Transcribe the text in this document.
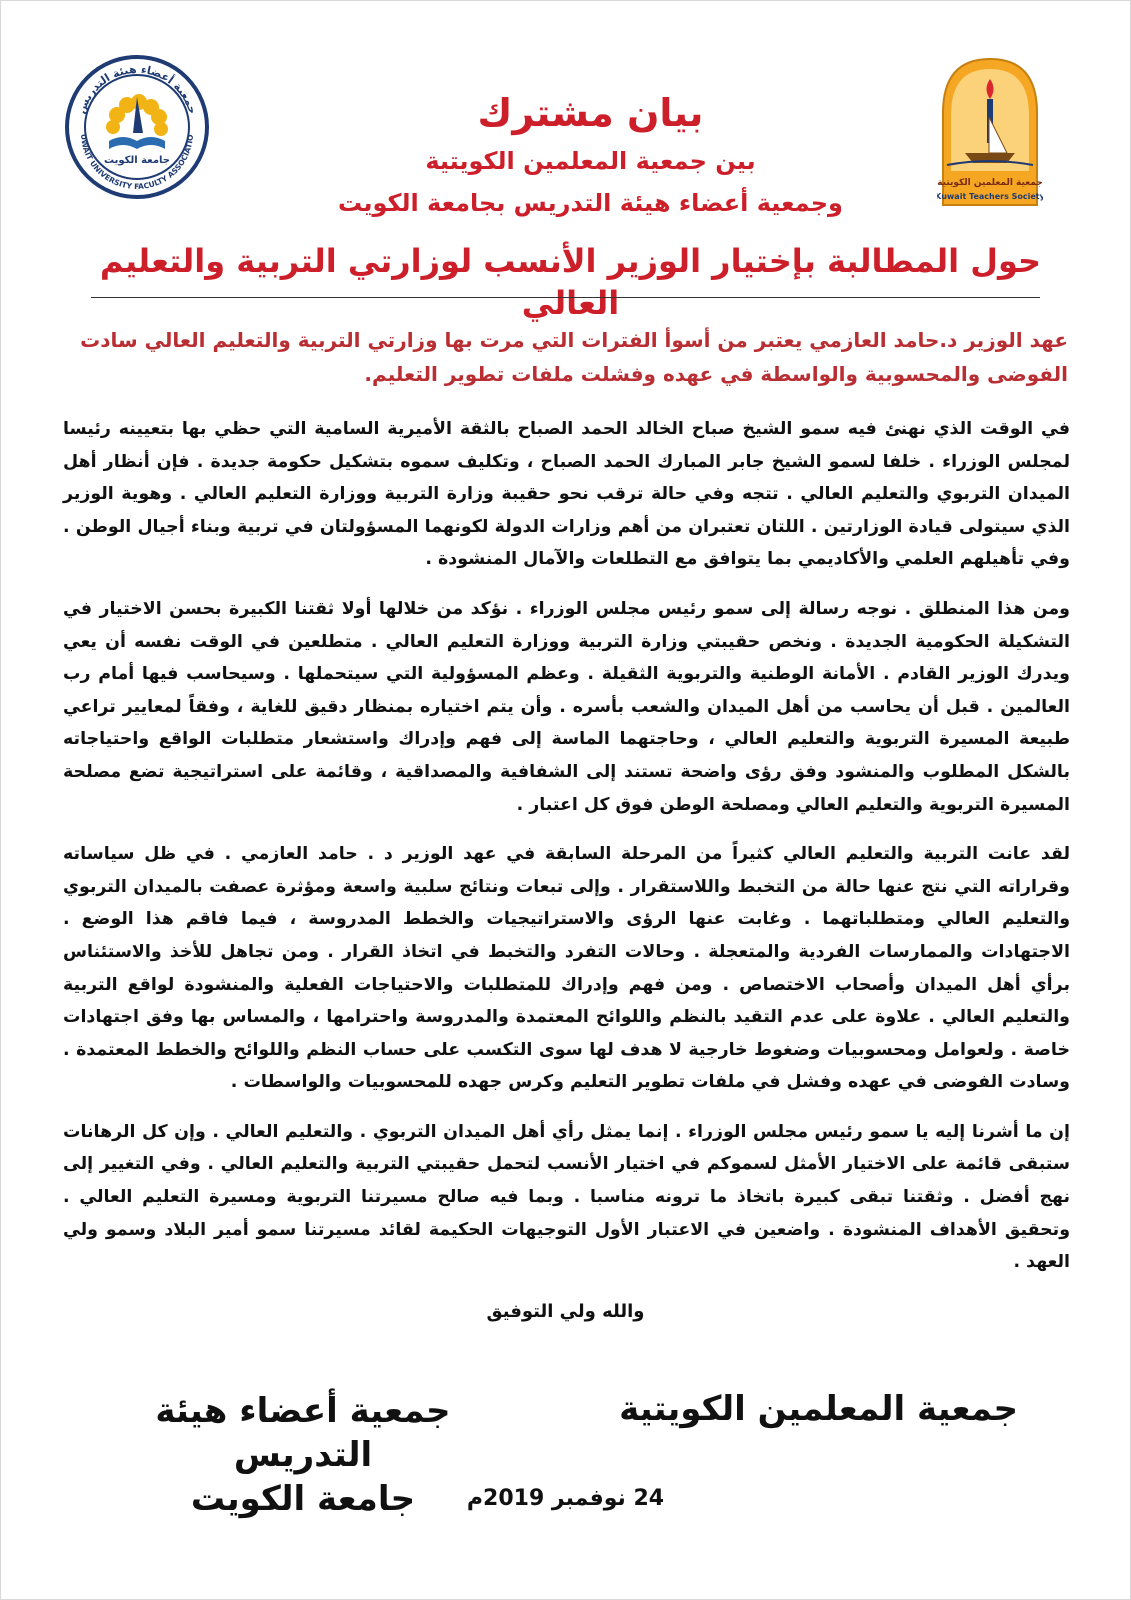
جامعة الكويت
جمعية أعضاء هيئة التدريس
UWAIT UNIVERSITY FACULTY ASSOCIATIO
جمعية المعلمين الكويتية
Kuwait Teachers Society
بيان مشترك
بين جمعية المعلمين الكويتية
وجمعية أعضاء هيئة التدريس بجامعة الكويت
حول المطالبة بإختيار الوزير الأنسب لوزارتي التربية والتعليم العالي
عهد الوزير د.حامد العازمي يعتبر من أسوأ الفترات التي مرت بها وزارتي التربية والتعليم العالي سادت الفوضى والمحسوبية والواسطة في عهده وفشلت ملفات تطوير التعليم.

في الوقت الذي نهنئ فيه سمو الشيخ صباح الخالد الحمد الصباح بالثقة الأميرية السامية التي حظي بها بتعيينه رئيسا لمجلس الوزراء . خلفا لسمو الشيخ جابر المبارك الحمد الصباح ، وتكليف سموه بتشكيل حكومة جديدة . فإن أنظار أهل الميدان التربوي والتعليم العالي . تتجه وفي حالة ترقب نحو حقيبة وزارة التربية ووزارة التعليم العالي . وهوية الوزير الذي سيتولى قيادة الوزارتين . اللتان تعتبران من أهم وزارات الدولة لكونهما المسؤولتان في تربية وبناء أجيال الوطن . وفي تأهيلهم العلمي والأكاديمي بما يتوافق مع التطلعات والآمال المنشودة .

ومن هذا المنطلق . نوجه رسالة إلى سمو رئيس مجلس الوزراء . نؤكد من خلالها أولا ثقتنا الكبيرة بحسن الاختيار في التشكيلة الحكومية الجديدة . ونخص حقيبتي وزارة التربية ووزارة التعليم العالي . متطلعين في الوقت نفسه أن يعي ويدرك الوزير القادم . الأمانة الوطنية والتربوية الثقيلة . وعظم المسؤولية التي سيتحملها . وسيحاسب فيها أمام رب العالمين . قبل أن يحاسب من أهل الميدان والشعب بأسره . وأن يتم اختياره بمنظار دقيق للغاية ، وفقاً لمعايير تراعي طبيعة المسيرة التربوية والتعليم العالي ، وحاجتهما الماسة إلى فهم وإدراك واستشعار متطلبات الواقع واحتياجاته بالشكل المطلوب والمنشود وفق رؤى واضحة تستند إلى الشفافية والمصداقية ، وقائمة على استراتيجية تضع مصلحة المسيرة التربوية والتعليم العالي ومصلحة الوطن فوق كل اعتبار .

لقد عانت التربية والتعليم العالي كثيراً من المرحلة السابقة في عهد الوزير د . حامد العازمي . في ظل سياساته وقراراته التي نتج عنها حالة من التخبط واللاستقرار . وإلى تبعات ونتائج سلبية واسعة ومؤثرة عصفت بالميدان التربوي والتعليم العالي ومتطلباتهما . وغابت عنها الرؤى والاستراتيجيات والخطط المدروسة ، فيما فاقم هذا الوضع . الاجتهادات والممارسات الفردية والمتعجلة . وحالات التفرد والتخبط في اتخاذ القرار . ومن تجاهل للأخذ والاستئناس برأي أهل الميدان وأصحاب الاختصاص . ومن فهم وإدراك للمتطلبات والاحتياجات الفعلية والمنشودة لواقع التربية والتعليم العالي . علاوة على عدم التقيد بالنظم واللوائح المعتمدة والمدروسة واحترامها ، والمساس بها وفق اجتهادات خاصة . ولعوامل ومحسوبيات وضغوط خارجية لا هدف لها سوى التكسب على حساب النظم واللوائح والخطط المعتمدة . وسادت الفوضى في عهده وفشل في ملفات تطوير التعليم وكرس جهده للمحسوبيات والواسطات .

إن ما أشرنا إليه يا سمو رئيس مجلس الوزراء . إنما يمثل رأي أهل الميدان التربوي . والتعليم العالي . وإن كل الرهانات ستبقى قائمة على الاختيار الأمثل لسموكم في اختيار الأنسب لتحمل حقيبتي التربية والتعليم العالي . وفي التغيير إلى نهج أفضل . وثقتنا تبقى كبيرة باتخاذ ما ترونه مناسبا . وبما فيه صالح مسيرتنا التربوية ومسيرة التعليم العالي . وتحقيق الأهداف المنشودة . واضعين في الاعتبار الأول التوجيهات الحكيمة لقائد مسيرتنا سمو أمير البلاد وسمو ولي العهد .

والله ولي التوفيق
جمعية المعلمين الكويتية
جمعية أعضاء هيئة التدريس
جامعة الكويت	24 نوفمبر 2019م
